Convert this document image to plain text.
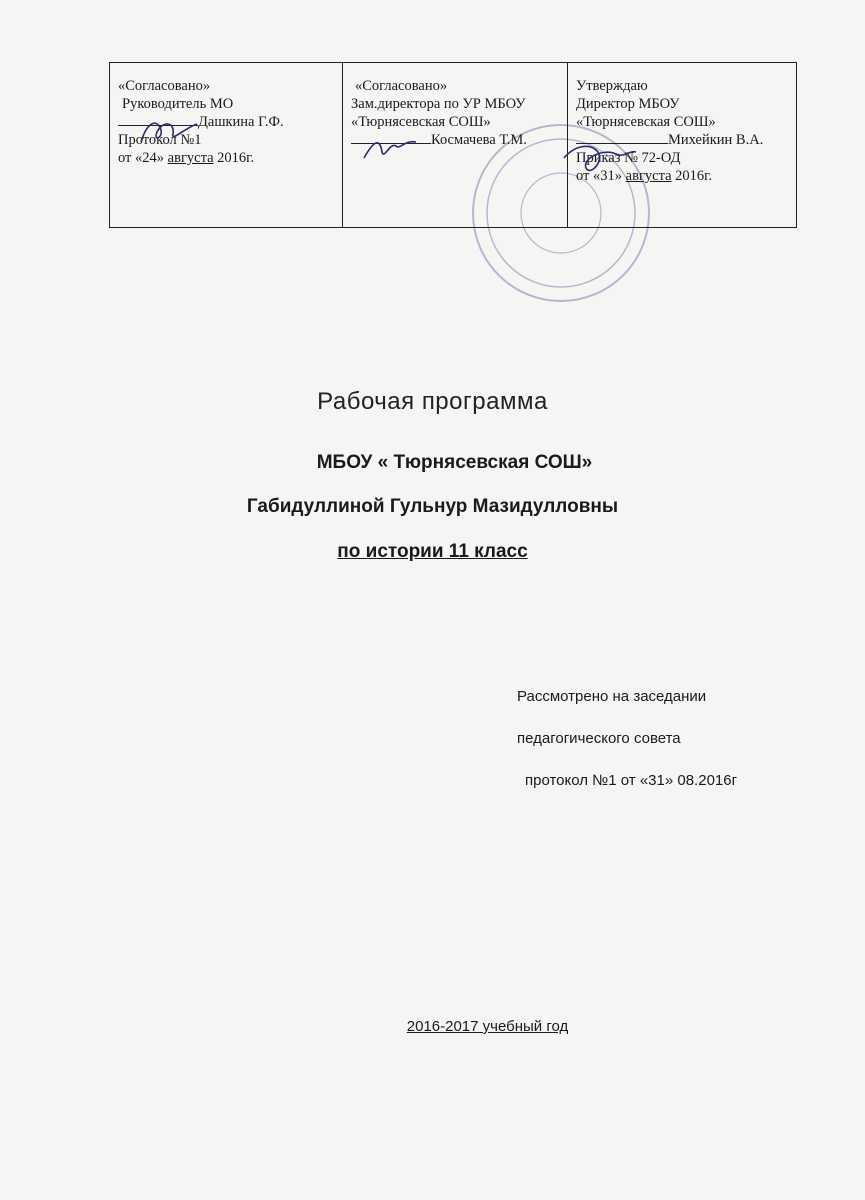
«Согласовано»
Руководитель МО
Дашкина Г.Ф.
Протокол №1
от «24» августа 2016г.

«Согласовано»
Зам.директора по УР МБОУ
«Тюрнясевская СОШ»
Космачева Т.М.

Утверждаю
Директор МБОУ
«Тюрнясевская СОШ»
Михейкин В.А.
Приказ № 72-ОД
от «31» августа 2016г.
Рабочая программа
МБОУ « Тюрнясевская СОШ»
Габидуллиной Гульнур Мазидулловны
по истории 11 класс
Рассмотрено на заседании
педагогического совета
протокол №1 от «31» 08.2016г
2016-2017 учебный год
